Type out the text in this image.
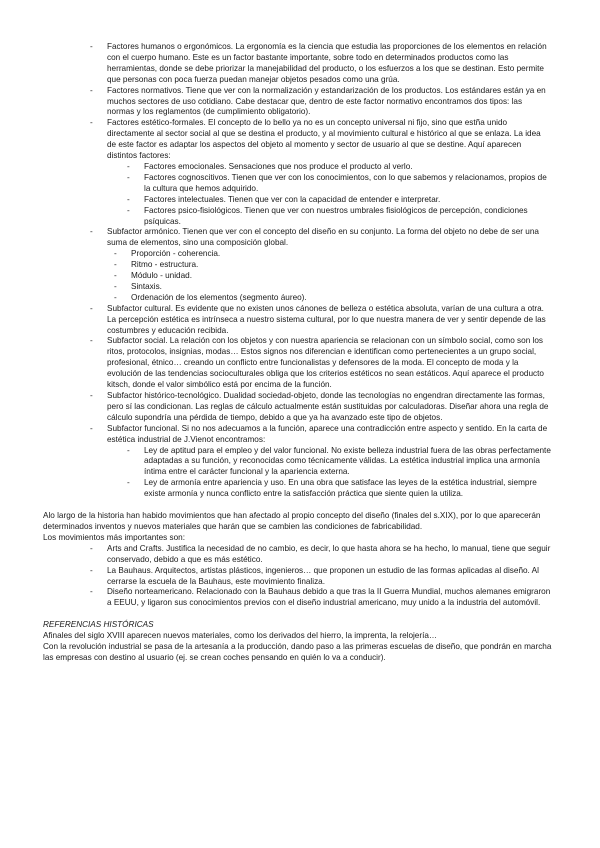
- Factores humanos o ergonómicos. La ergonomía es la ciencia que estudia las proporciones de los elementos en relación con el cuerpo humano. Este es un factor bastante importante, sobre todo en determinados productos como las herramientas, donde se debe priorizar la manejabilidad del producto, o los esfuerzos a los que se destinan. Esto permite que personas con poca fuerza puedan manejar objetos pesados como una grúa.
- Factores normativos. Tiene que ver con la normalización y estandarización de los productos. Los estándares están ya en muchos sectores de uso cotidiano. Cabe destacar que, dentro de este factor normativo encontramos dos tipos: las normas y los reglamentos (de cumplimiento obligatorio).
- Factores estético-formales. El concepto de lo bello ya no es un concepto universal ni fijo, sino que estña unido directamente al sector social al que se destina el producto, y al movimiento cultural e histórico al que se enlaza. La idea de este factor es adaptar los aspectos del objeto al momento y sector de usuario al que se destine. Aquí aparecen distintos factores:
- Factores emocionales. Sensaciones que nos produce el producto al verlo.
- Factores cognoscitivos. Tienen que ver con los conocimientos, con lo que sabemos y relacionamos, propios de la cultura que hemos adquirido.
- Factores intelectuales. Tienen que ver con la capacidad de entender e interpretar.
- Factores psico-fisiológicos. Tienen que ver con nuestros umbrales fisiológicos de percepción, condiciones psíquicas.
- Subfactor armónico. Tienen que ver con el concepto del diseño en su conjunto. La forma del objeto no debe de ser una suma de elementos, sino una composición global.
- Proporción - coherencia.
- Ritmo - estructura.
- Módulo - unidad.
- Sintaxis.
- Ordenación de los elementos (segmento áureo).
- Subfactor cultural. Es evidente que no existen unos cánones de belleza o estética absoluta, varían de una cultura a otra. La percepción estética es intrínseca a nuestro sistema cultural, por lo que nuestra manera de ver y sentir depende de las costumbres y educación recibida.
- Subfactor social. La relación con los objetos y con nuestra apariencia se relacionan con un símbolo social, como son los ritos, protocolos, insignias, modas… Estos signos nos diferencian e identifican como pertenecientes a un grupo social, profesional, étnico… creando un conflicto entre funcionalistas y defensores de la moda. El concepto de moda y la evolución de las tendencias socioculturales obliga que los criterios estéticos no sean estáticos. Aquí aparece el producto kitsch, donde el valor simbólico está por encima de la función.
- Subfactor histórico-tecnológico. Dualidad sociedad-objeto, donde las tecnologías no engendran directamente las formas, pero sí las condicionan. Las reglas de cálculo actualmente están sustituidas por calculadoras. Diseñar ahora una regla de cálculo supondría una pérdida de tiempo, debido a que ya ha avanzado este tipo de objetos.
- Subfactor funcional. Si no nos adecuamos a la función, aparece una contradicción entre aspecto y sentido. En la carta de estética industrial de J.Vienot encontramos:
- Ley de aptitud para el empleo y del valor funcional. No existe belleza industrial fuera de las obras perfectamente adaptadas a su función, y reconocidas como técnicamente válidas. La estética industrial implica una armonía íntima entre el carácter funcional y la apariencia externa.
- Ley de armonía entre apariencia y uso. En una obra que satisface las leyes de la estética industrial, siempre existe armonía y nunca conflicto entre la satisfacción práctica que siente quien la utiliza.
Alo largo de la historia han habido movimientos que han afectado al propio concepto del diseño (finales del s.XIX), por lo que aparecerán determinados inventos y nuevos materiales que harán que se cambien las condiciones de fabricabilidad.
Los movimientos más importantes son:
- Arts and Crafts. Justifica la necesidad de no cambio, es decir, lo que hasta ahora se ha hecho, lo manual, tiene que seguir conservado, debido a que es más estético.
- La Bauhaus. Arquitectos, artistas plásticos, ingenieros… que proponen un estudio de las formas aplicadas al diseño. Al cerrarse la escuela de la Bauhaus, este movimiento finaliza.
- Diseño norteamericano. Relacionado con la Bauhaus debido a que tras la II Guerra Mundial, muchos alemanes emigraron a EEUU, y ligaron sus conocimientos previos con el diseño industrial americano, muy unido a la industria del automóvil.
REFERENCIAS HISTÓRICAS
Afinales del siglo XVIII aparecen nuevos materiales, como los derivados del hierro, la imprenta, la relojería…
Con la revolución industrial se pasa de la artesanía a la producción, dando paso a las primeras escuelas de diseño, que pondrán en marcha las empresas con destino al usuario (ej. se crean coches pensando en quién lo va a conducir).
